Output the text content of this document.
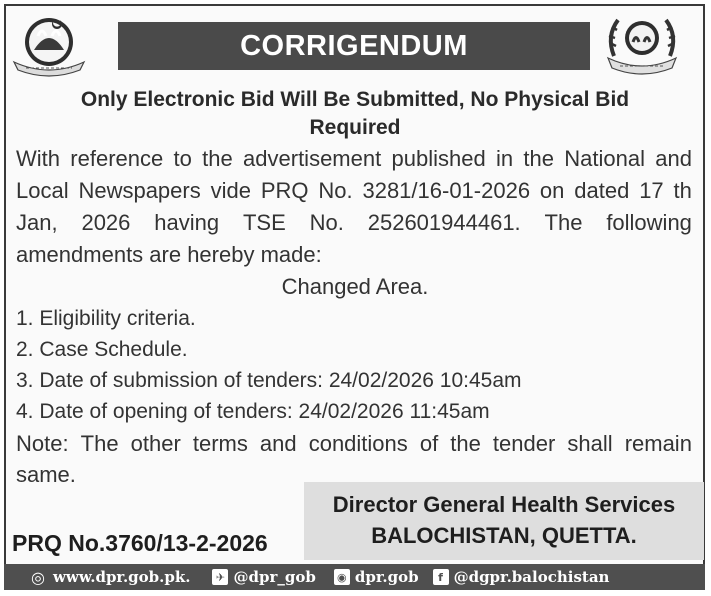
CORRIGENDUM
Only Electronic Bid Will Be Submitted, No Physical Bid
Required
With reference to the advertisement published in the National and
Local Newspapers vide PRQ No. 3281/16-01-2026 on dated 17 th
Jan, 2026 having TSE No. 252601944461. The following
amendments are hereby made:
Changed Area.
1. Eligibility criteria.
2. Case Schedule.
3. Date of submission of tenders: 24/02/2026 10:45am
4. Date of opening of tenders: 24/02/2026 11:45am
Note: The other terms and conditions of the tender shall remain
same.
Director General Health Services
BALOCHISTAN, QUETTA.
PRQ No.3760/13-2-2026
◎ www.dpr.gob.pk.	✈ @dpr_gob ◉ dpr.gob	f @dgpr.balochistan
